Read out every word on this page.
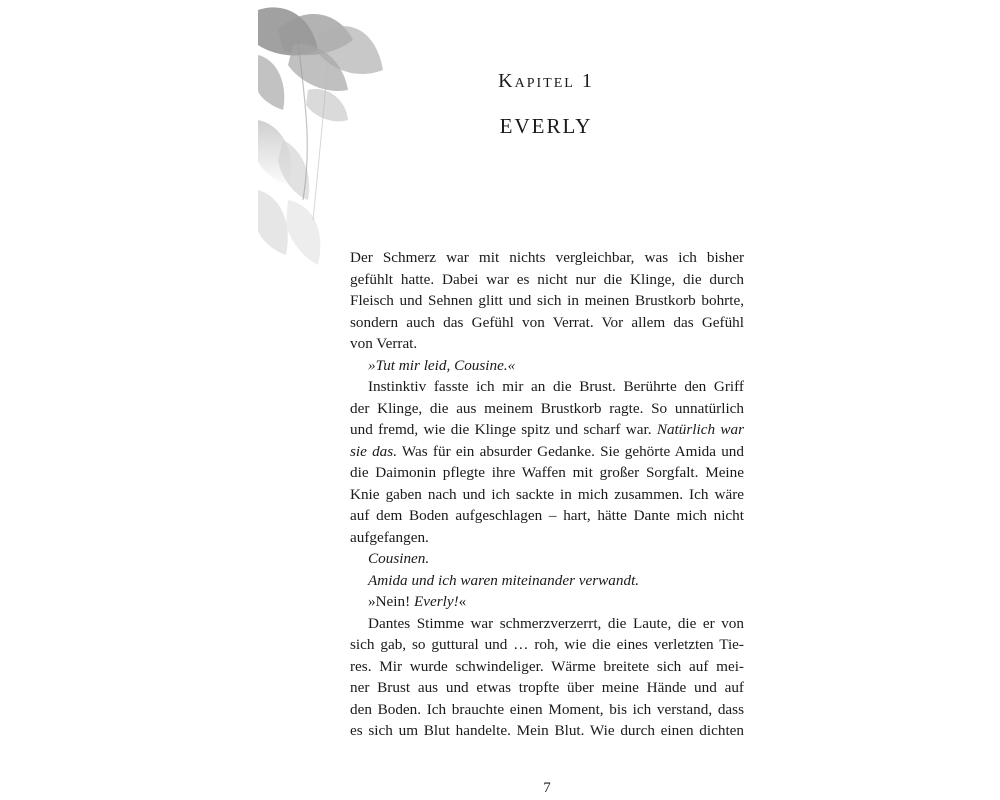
Kapitel 1
EVERLY
Der Schmerz war mit nichts vergleichbar, was ich bisher
gefühlt hatte. Dabei war es nicht nur die Klinge, die durch
Fleisch und Sehnen glitt und sich in meinen Brustkorb bohrte,
sondern auch das Gefühl von Verrat. Vor allem das Gefühl
von Verrat.
»Tut mir leid, Cousine.«
Instinktiv fasste ich mir an die Brust. Berührte den Griff
der Klinge, die aus meinem Brustkorb ragte. So unnatürlich
und fremd, wie die Klinge spitz und scharf war. Natürlich war
sie das. Was für ein absurder Gedanke. Sie gehörte Amida und
die Daimonin pflegte ihre Waffen mit großer Sorgfalt. Meine
Knie gaben nach und ich sackte in mich zusammen. Ich wäre
auf dem Boden aufgeschlagen – hart, hätte Dante mich nicht
aufgefangen.
Cousinen.
Amida und ich waren miteinander verwandt.
»Nein! Everly!«
Dantes Stimme war schmerzverzerrt, die Laute, die er von
sich gab, so guttural und … roh, wie die eines verletzten Tie-
res. Mir wurde schwindeliger. Wärme breitete sich auf mei-
ner Brust aus und etwas tropfte über meine Hände und auf
den Boden. Ich brauchte einen Moment, bis ich verstand, dass
es sich um Blut handelte. Mein Blut. Wie durch einen dichten
7
